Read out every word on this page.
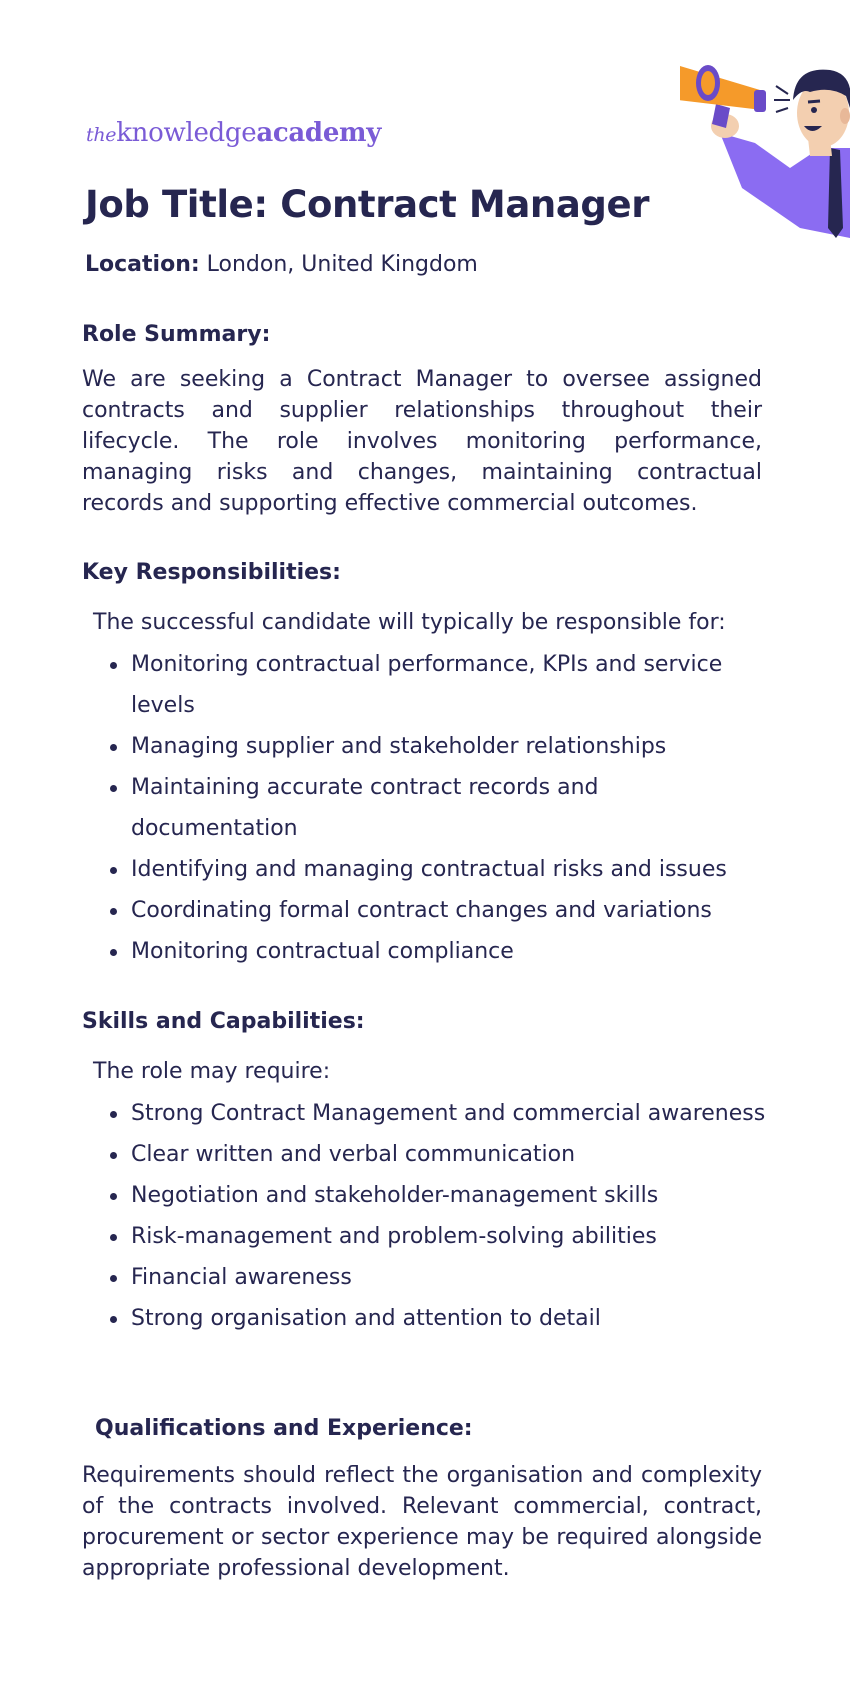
theknowledgeacademy
Job Title: Contract Manager

Location: London, United Kingdom

Role Summary:

We are seeking a Contract Manager to oversee assigned contracts and supplier relationships throughout their lifecycle. The role involves monitoring performance, managing risks and changes, maintaining contractual records and supporting effective commercial outcomes.

Key Responsibilities:

The successful candidate will typically be responsible for:

Monitoring contractual performance, KPIs and service levels
Managing supplier and stakeholder relationships
Maintaining accurate contract records and documentation
Identifying and managing contractual risks and issues
Coordinating formal contract changes and variations
Monitoring contractual compliance
Skills and Capabilities:

The role may require:

Strong Contract Management and commercial awareness
Clear written and verbal communication
Negotiation and stakeholder-management skills
Risk-management and problem-solving abilities
Financial awareness
Strong organisation and attention to detail
Qualifications and Experience:

Requirements should reflect the organisation and complexity of the contracts involved. Relevant commercial, contract, procurement or sector experience may be required alongside appropriate professional development.
